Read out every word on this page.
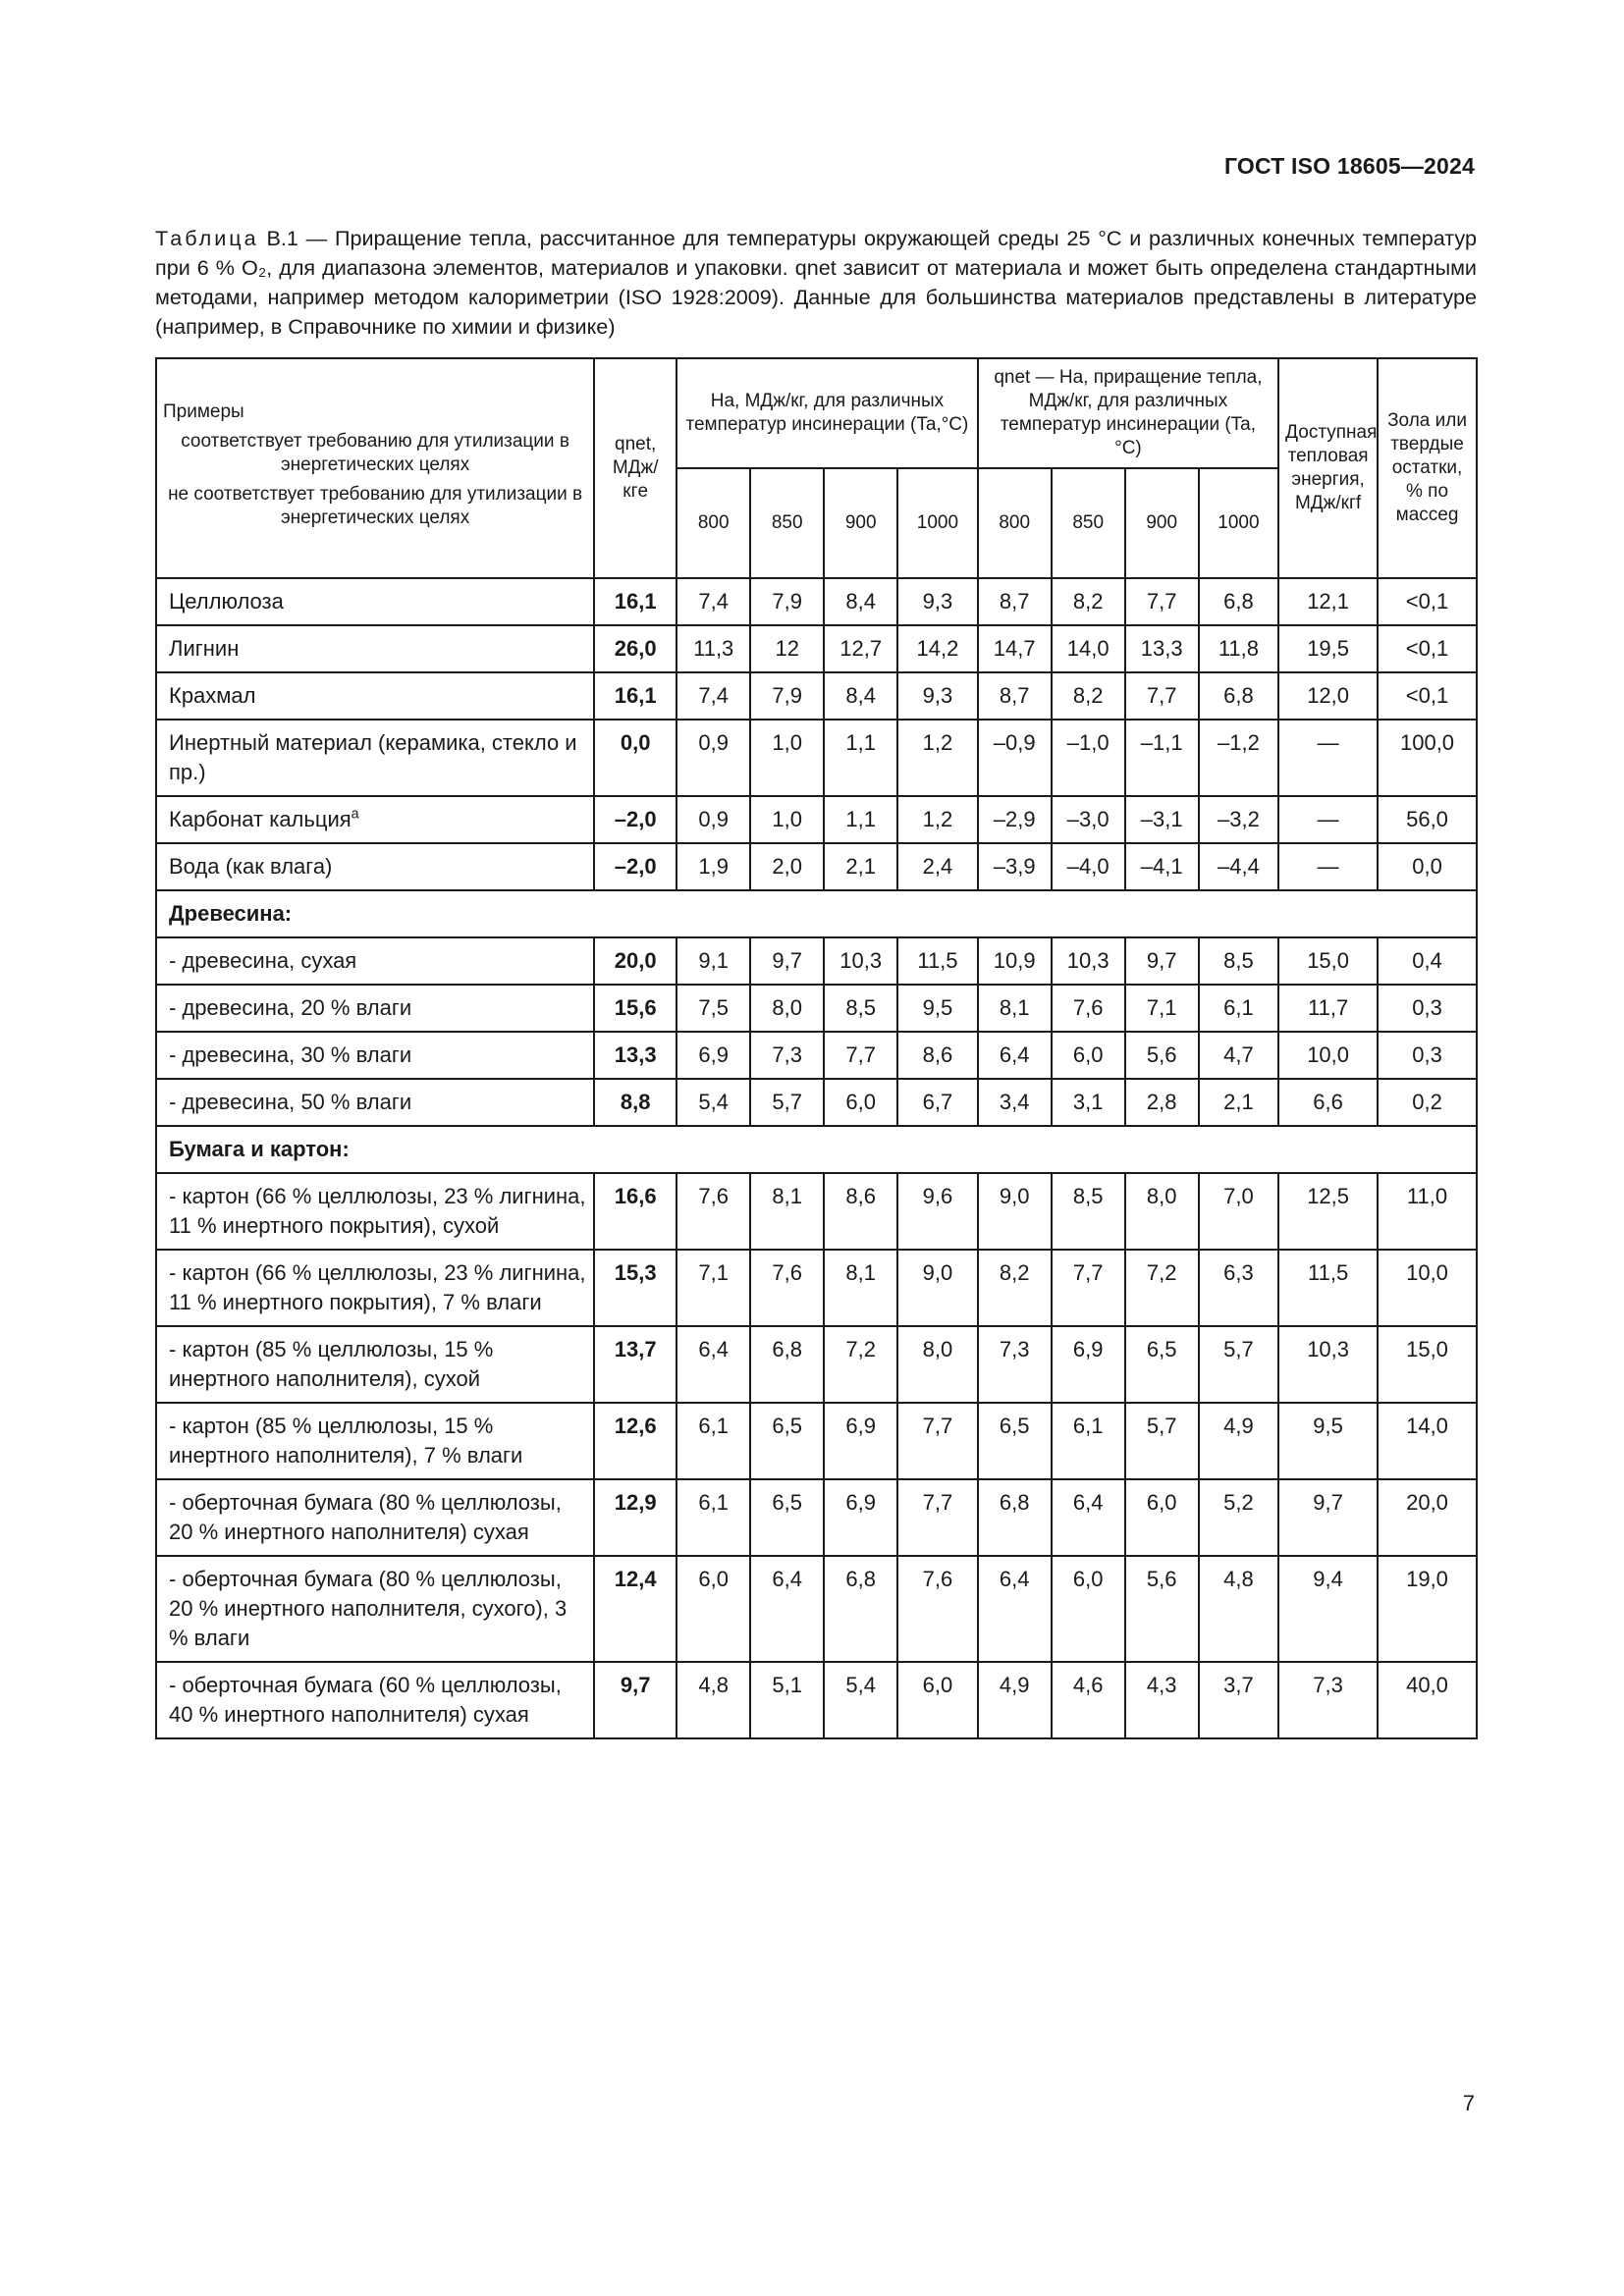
ГОСТ ISO 18605—2024
Таблица В.1 — Приращение тепла, рассчитанное для температуры окружающей среды 25 °С и различных конечных температур при 6 % O₂, для диапазона элементов, материалов и упаковки. qnet зависит от материала и может быть определена стандартными методами, например методом калориметрии (ISO 1928:2009). Данные для большинства материалов представлены в литературе (например, в Справочнике по химии и физике)
Примеры
соответствует требованию для утилизации в энергетических целях
не соответствует требованию для утилизации в энергетических целях	qnet, МДж/кгe	Ha, МДж/кг, для различных температур инсинерации (Ta,°C)				qnet — Ha, приращение тепла, МДж/кг, для различных температур инсинерации (Ta, °C)				Доступная тепловая энергия, МДж/кгf	Зола или твердые остатки, % по массеg
		800	850	900	1000	800	850	900	1000		
Целлюлоза	16,1	7,4	7,9	8,4	9,3	8,7	8,2	7,7	6,8	12,1	<0,1
Лигнин	26,0	11,3	12	12,7	14,2	14,7	14,0	13,3	11,8	19,5	<0,1
Крахмал	16,1	7,4	7,9	8,4	9,3	8,7	8,2	7,7	6,8	12,0	<0,1
Инертный материал (керамика, стекло и пр.)	0,0	0,9	1,0	1,1	1,2	–0,9	–1,0	–1,1	–1,2	—	100,0
Карбонат кальция$^a$	–2,0	0,9	1,0	1,1	1,2	–2,9	–3,0	–3,1	–3,2	—	56,0
Вода (как влага)	–2,0	1,9	2,0	2,1	2,4	–3,9	–4,0	–4,1	–4,4	—	0,0
Древесина:											
- древесина, сухая	20,0	9,1	9,7	10,3	11,5	10,9	10,3	9,7	8,5	15,0	0,4
- древесина, 20 % влаги	15,6	7,5	8,0	8,5	9,5	8,1	7,6	7,1	6,1	11,7	0,3
- древесина, 30 % влаги	13,3	6,9	7,3	7,7	8,6	6,4	6,0	5,6	4,7	10,0	0,3
- древесина, 50 % влаги	8,8	5,4	5,7	6,0	6,7	3,4	3,1	2,8	2,1	6,6	0,2
Бумага и картон:											
- картон (66 % целлюлозы, 23 % лигнина, 11 % инертного покрытия), сухой	16,6	7,6	8,1	8,6	9,6	9,0	8,5	8,0	7,0	12,5	11,0
- картон (66 % целлюлозы, 23 % лигнина, 11 % инертного покрытия), 7 % влаги	15,3	7,1	7,6	8,1	9,0	8,2	7,7	7,2	6,3	11,5	10,0
- картон (85 % целлюлозы, 15 % инертного наполнителя), сухой	13,7	6,4	6,8	7,2	8,0	7,3	6,9	6,5	5,7	10,3	15,0
- картон (85 % целлюлозы, 15 % инертного наполнителя), 7 % влаги	12,6	6,1	6,5	6,9	7,7	6,5	6,1	5,7	4,9	9,5	14,0
- оберточная бумага (80 % целлюлозы, 20 % инертного наполнителя) сухая	12,9	6,1	6,5	6,9	7,7	6,8	6,4	6,0	5,2	9,7	20,0
- оберточная бумага (80 % целлюлозы, 20 % инертного наполнителя, сухого), 3 % влаги	12,4	6,0	6,4	6,8	7,6	6,4	6,0	5,6	4,8	9,4	19,0
- оберточная бумага (60 % целлюлозы, 40 % инертного наполнителя) сухая	9,7	4,8	5,1	5,4	6,0	4,9	4,6	4,3	3,7	7,3	40,0
7
